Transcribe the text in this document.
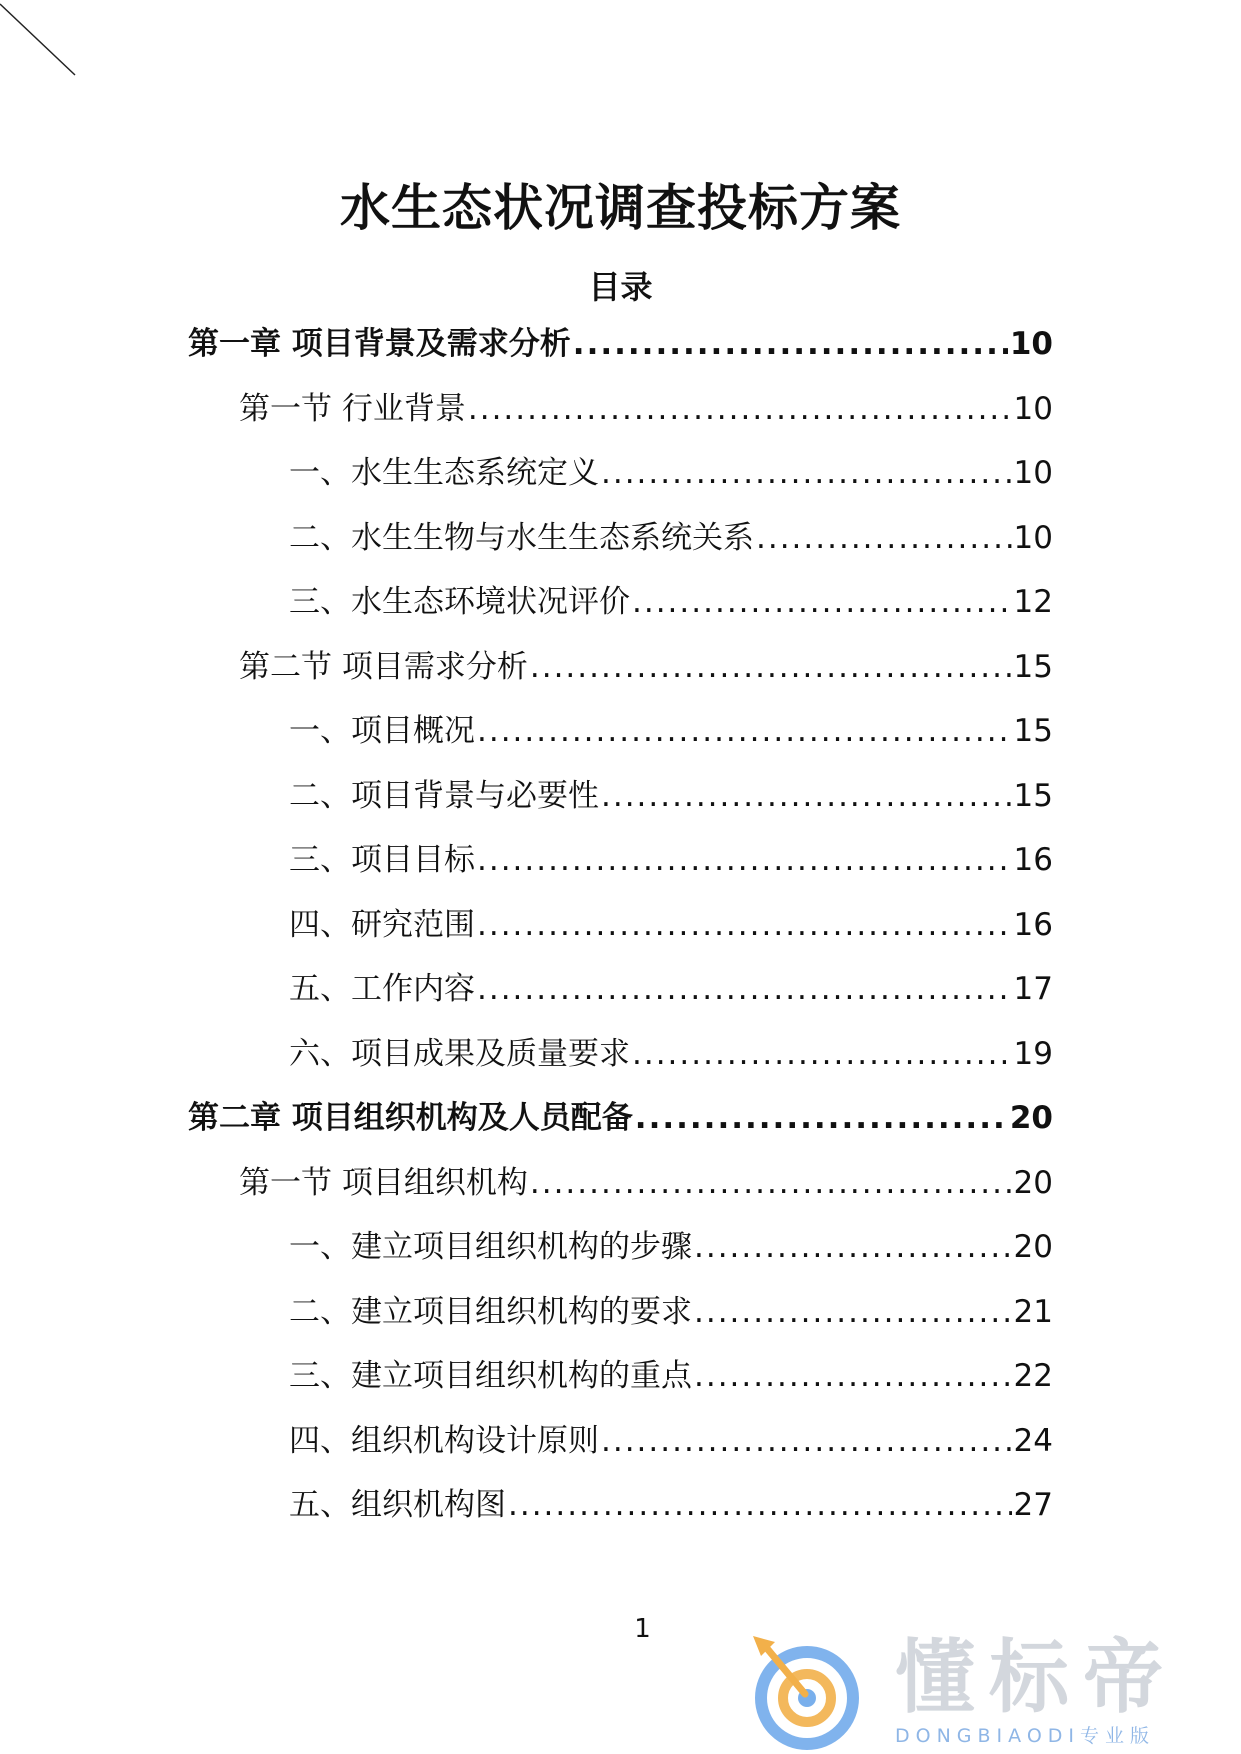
水生态状况调查投标方案
目录
第一章 项目背景及需求分析 .....	10
第一节 行业背景 .....	10
一、水生生态系统定义 .....	10
二、水生生物与水生生态系统关系 .....	10
三、水生态环境状况评价 .....	12
第二节 项目需求分析 .....	15
一、项目概况 .....	15
二、项目背景与必要性 .....	15
三、项目目标 .....	16
四、研究范围 .....	16
五、工作内容 .....	17
六、项目成果及质量要求 .....	19
第二章 项目组织机构及人员配备 .....	20
第一节 项目组织机构 .....	20
一、建立项目组织机构的步骤 .....	20
二、建立项目组织机构的要求 .....	21
三、建立项目组织机构的重点 .....	22
四、组织机构设计原则 .....	24
五、组织机构图 .....	27
1
懂标帝
DONGBIAODI专业版
